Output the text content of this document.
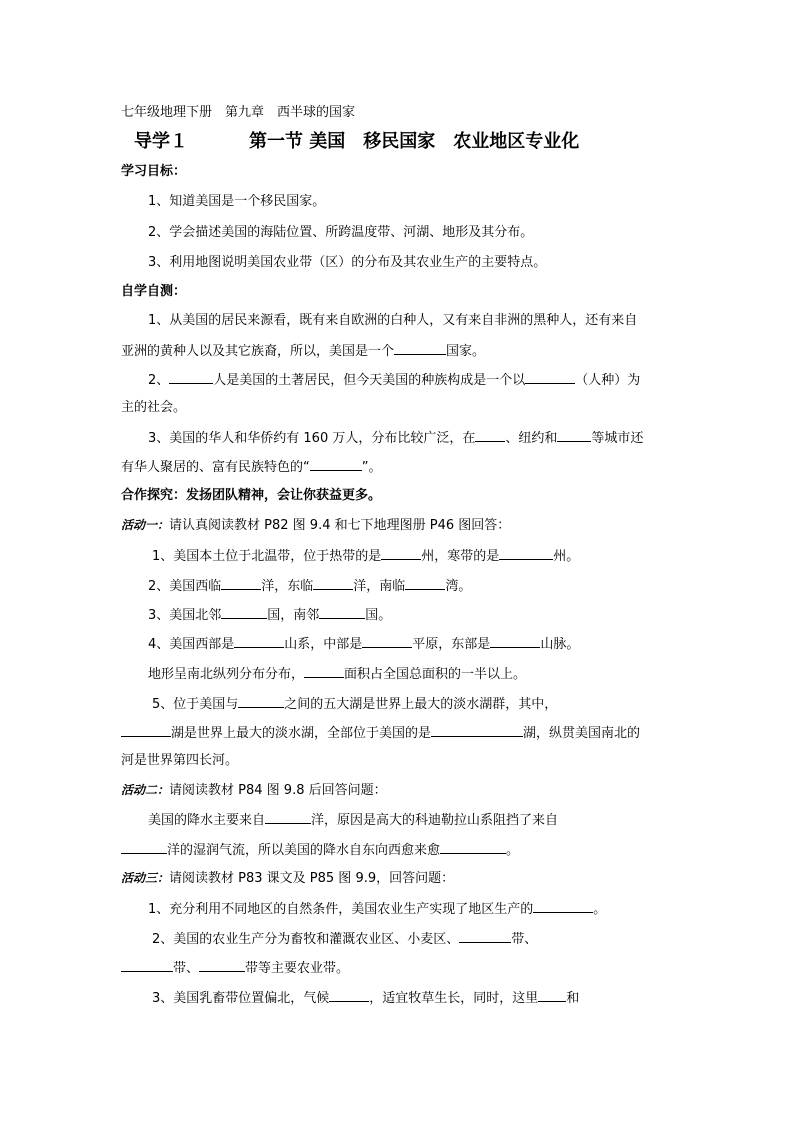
七年级地理下册　第九章　西半球的国家
导学１	第一节 美国　移民国家　农业地区专业化
学习目标：
1、知道美国是一个移民国家。
2、学会描述美国的海陆位置、所跨温度带、河湖、地形及其分布。
3、利用地图说明美国农业带（区）的分布及其农业生产的主要特点。
自学自测：
1、从美国的居民来源看，既有来自欧洲的白种人，又有来自非洲的黑种人，还有来自
亚洲的黄种人以及其它族裔，所以，美国是一个	国家。
2、	人是美国的土著居民，但今天美国的种族构成是一个以	（人种）为
主的社会。
3、美国的华人和华侨约有 160 万人，分布比较广泛，在 、纽约和	等城市还
有华人聚居的、富有民族特色的“	”。
合作探究：发扬团队精神，会让你获益更多。
活动一：请认真阅读教材 P82 图 9.4 和七下地理图册 P46 图回答：
1、美国本土位于北温带，位于热带的是	州，寒带的是	州。
2、美国西临	洋，东临	洋，南临	湾。
3、美国北邻	国，南邻	国。
4、美国西部是	山系，中部是	平原，东部是	山脉。
地形呈南北纵列分布分布，	面积占全国总面积的一半以上。
5、位于美国与	之间的五大湖是世界上最大的淡水湖群，其中，
湖是世界上最大的淡水湖，全部位于美国的是	湖，纵贯美国南北的
河是世界第四长河。
活动二：请阅读教材 P84 图 9.8 后回答问题：
美国的降水主要来自	洋，原因是高大的科迪勒拉山系阻挡了来自
洋的湿润气流，所以美国的降水自东向西愈来愈	。
活动三：请阅读教材 P83 课文及 P85 图 9.9，回答问题：
1、充分利用不同地区的自然条件，美国农业生产实现了地区生产的	。
2、美国的农业生产分为畜牧和灌溉农业区、小麦区、	带、
带、	带等主要农业带。
3、美国乳畜带位置偏北，气候	，适宜牧草生长，同时，这里 和
